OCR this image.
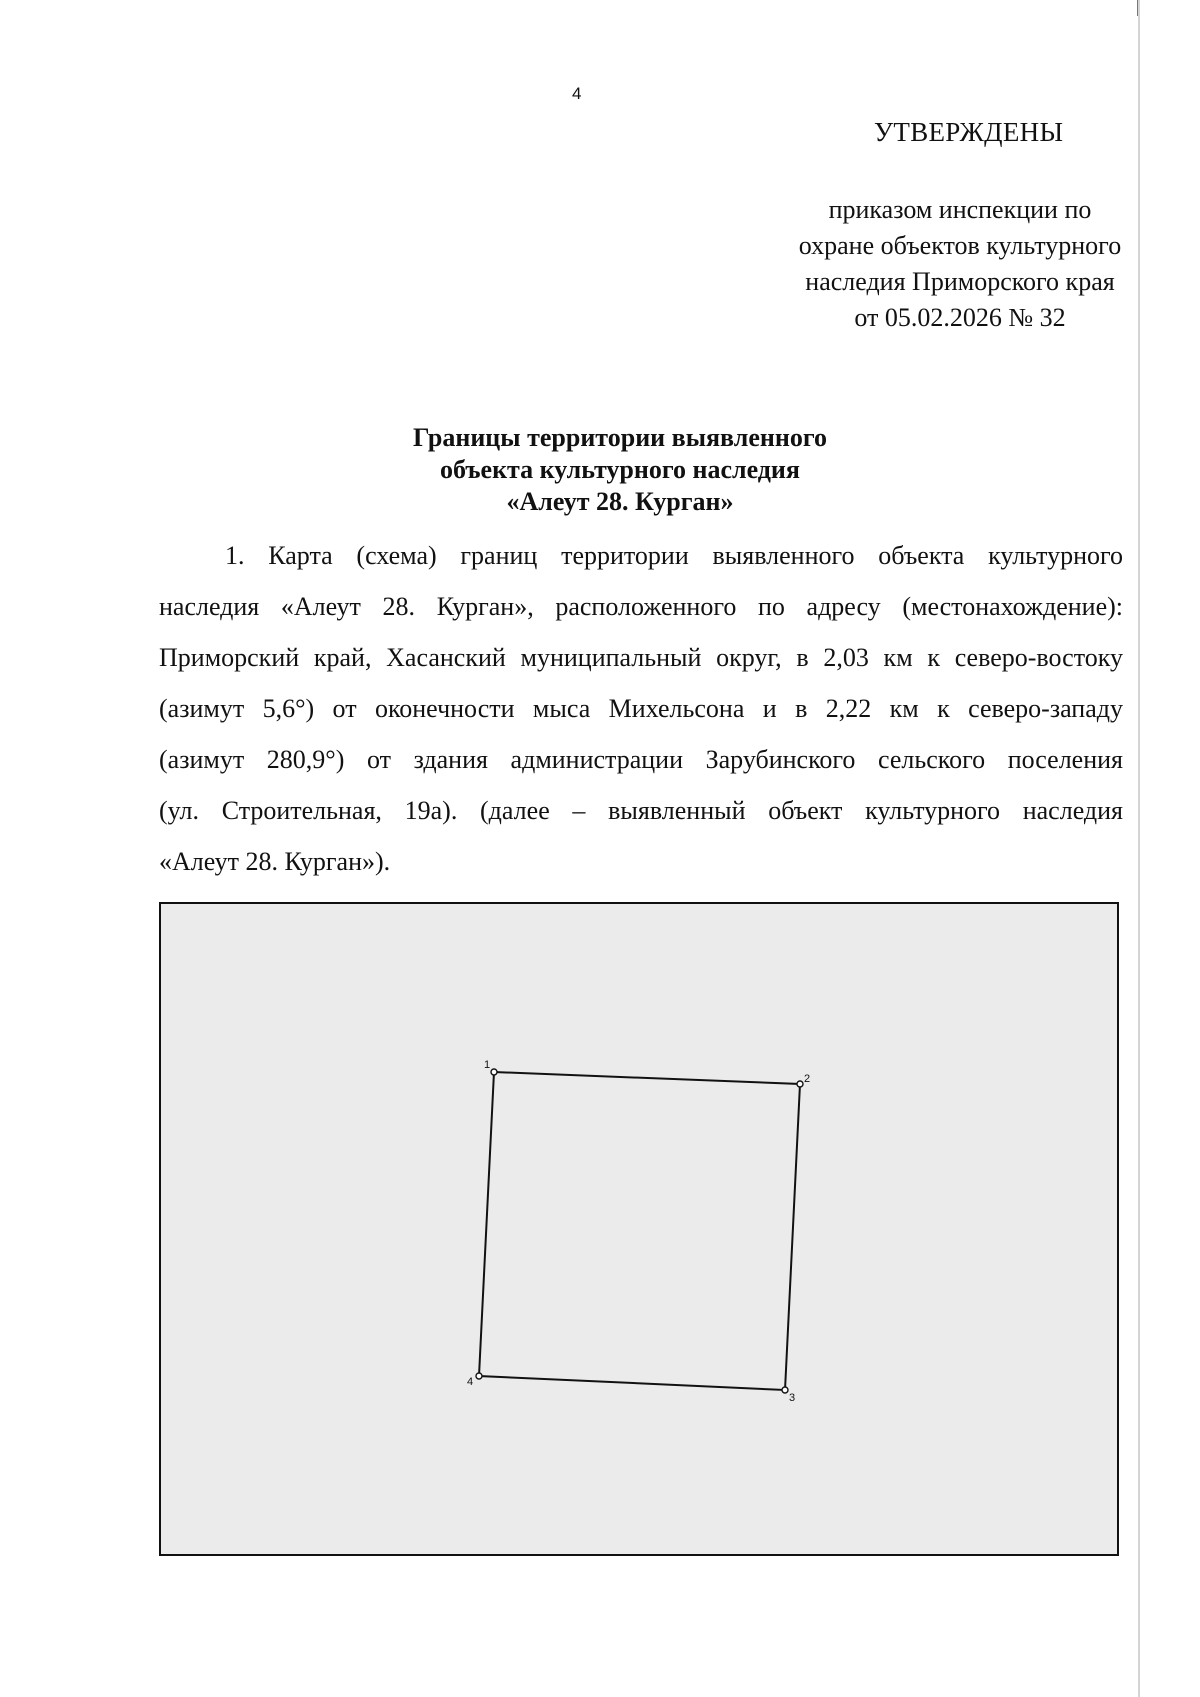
4
УТВЕРЖДЕНЫ
приказом инспекции по
охране объектов культурного
наследия Приморского края
от 05.02.2026 № 32
Границы территории выявленного
объекта культурного наследия
«Алеут 28. Курган»
1. Карта (схема) границ территории выявленного объекта культурного
наследия «Алеут 28. Курган», расположенного по адресу (местонахождение):
Приморский край, Хасанский муниципальный округ, в 2,03 км к северо-востоку
(азимут 5,6°) от оконечности мыса Михельсона и в 2,22 км к северо-западу
(азимут 280,9°) от здания администрации Зарубинского сельского поселения
(ул. Строительная, 19а). (далее – выявленный объект культурного наследия
«Алеут 28. Курган»).
1
2
3
4
